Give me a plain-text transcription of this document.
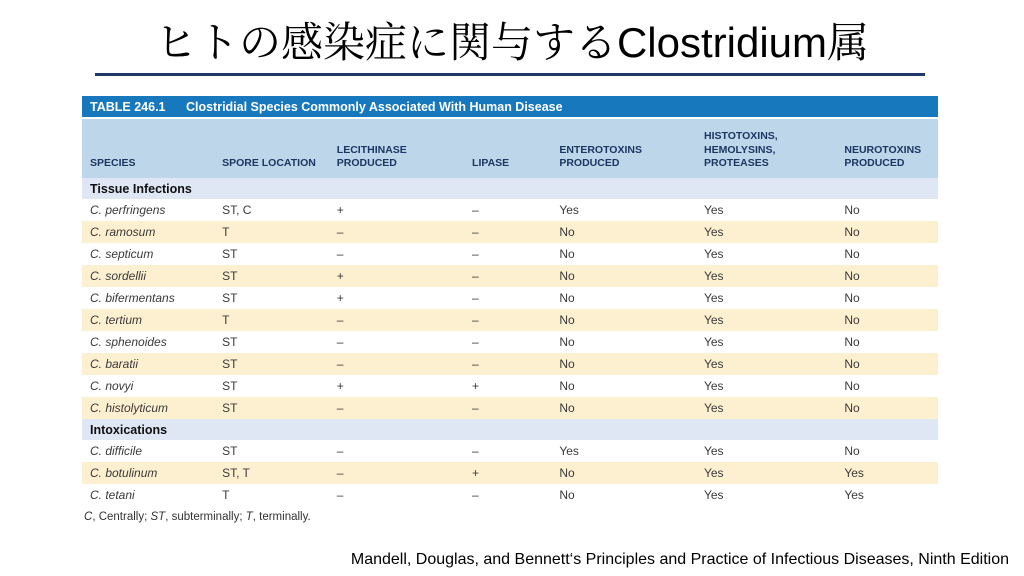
ヒトの感染症に関与するClostridium属
TABLE 246.1 Clostridial Species Commonly Associated With Human Disease
SPECIES	SPORE LOCATION	LECITHINASE PRODUCED	LIPASE	ENTEROTOXINS PRODUCED	HISTOTOXINS, HEMOLYSINS, PROTEASES	NEUROTOXINS PRODUCED
Tissue Infections						
C. perfringens	ST, C	+	–	Yes	Yes	No
C. ramosum	T	–	–	No	Yes	No
C. septicum	ST	–	–	No	Yes	No
C. sordellii	ST	+	–	No	Yes	No
C. bifermentans	ST	+	–	No	Yes	No
C. tertium	T	–	–	No	Yes	No
C. sphenoides	ST	–	–	No	Yes	No
C. baratii	ST	–	–	No	Yes	No
C. novyi	ST	+	+	No	Yes	No
C. histolyticum	ST	–	–	No	Yes	No
Intoxications						
C. difficile	ST	–	–	Yes	Yes	No
C. botulinum	ST, T	–	+	No	Yes	Yes
C. tetani	T	–	–	No	Yes	Yes
C, Centrally; ST, subterminally; T, terminally.
Mandell, Douglas, and Bennett‘s Principles and Practice of Infectious Diseases, Ninth Edition
